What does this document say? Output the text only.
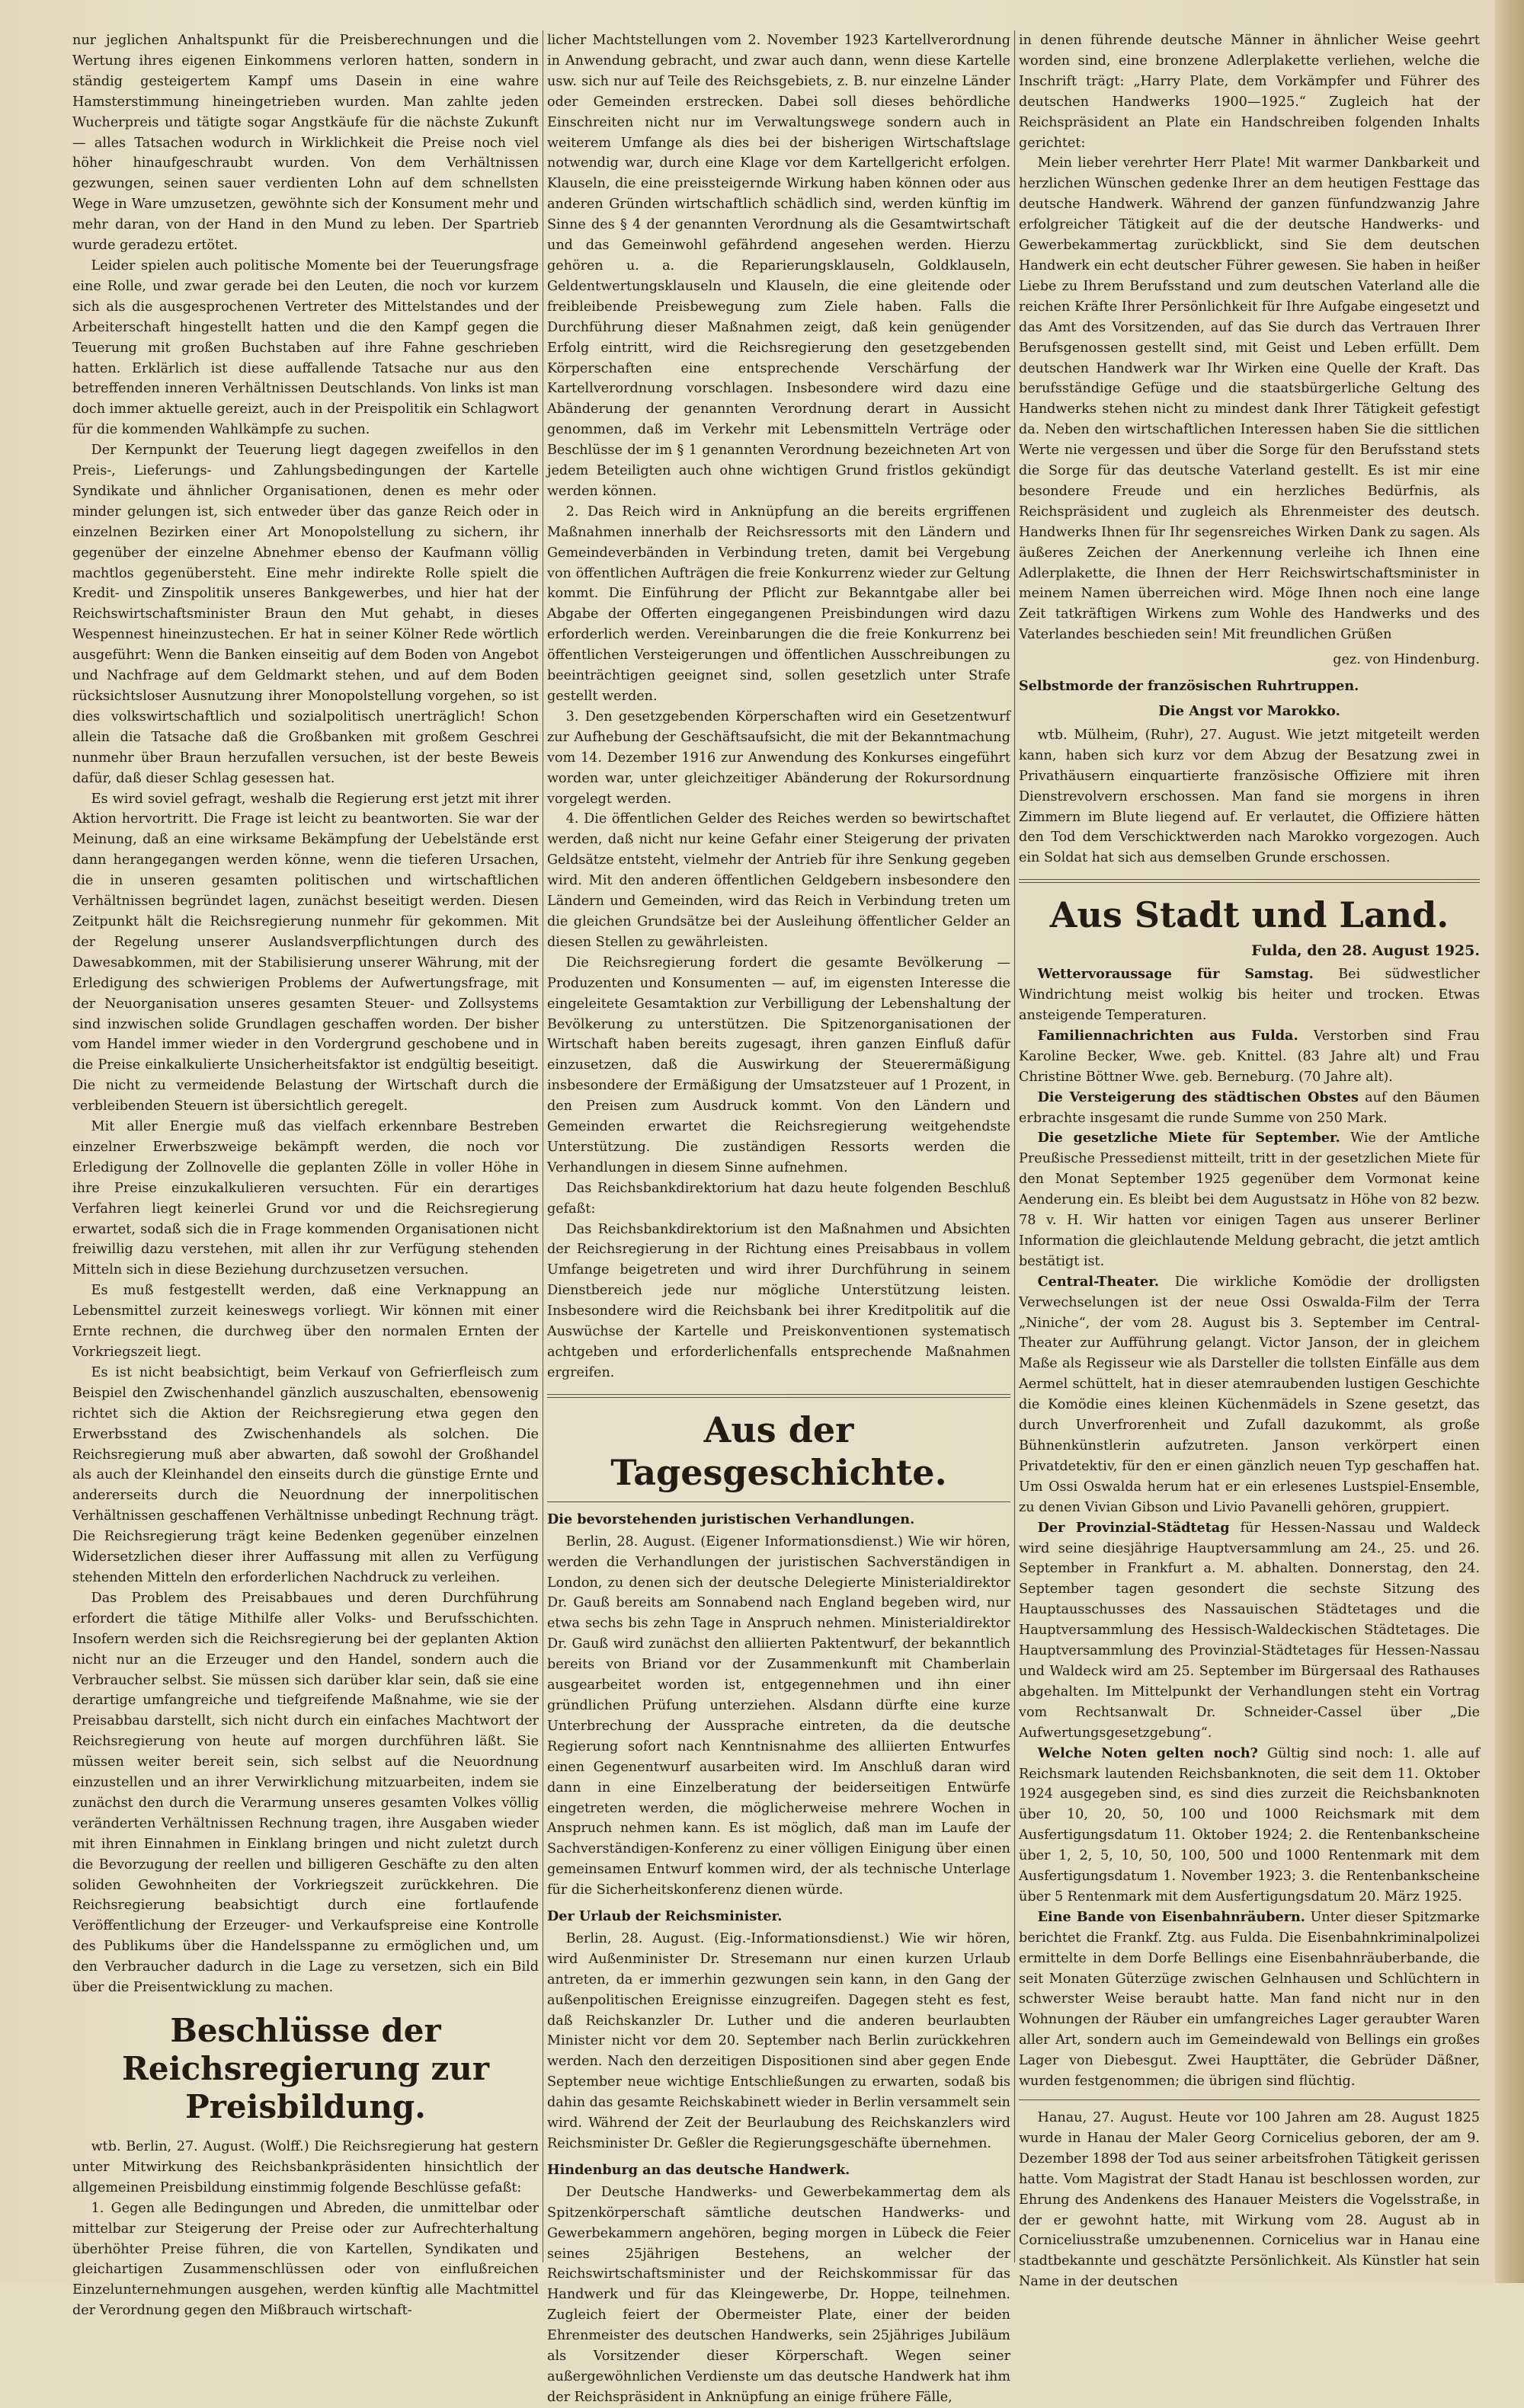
nur jeglichen Anhaltspunkt für die Preisberechnungen und die Wertung ihres eigenen Einkommens verloren hatten, sondern in ständig gesteigertem Kampf ums Dasein in eine wahre Hamsterstimmung hineingetrieben wurden. Man zahlte jeden Wucherpreis und tätigte sogar Angstkäufe für die nächste Zukunft — alles Tatsachen wodurch in Wirklichkeit die Preise noch viel höher hinaufgeschraubt wurden. Von dem Verhältnissen gezwungen, seinen sauer verdienten Lohn auf dem schnellsten Wege in Ware umzusetzen, gewöhnte sich der Konsument mehr und mehr daran, von der Hand in den Mund zu leben. Der Spartrieb wurde geradezu ertötet.

Leider spielen auch politische Momente bei der Teuerungsfrage eine Rolle, und zwar gerade bei den Leuten, die noch vor kurzem sich als die ausgesprochenen Vertreter des Mittelstandes und der Arbeiterschaft hingestellt hatten und die den Kampf gegen die Teuerung mit großen Buchstaben auf ihre Fahne geschrieben hatten. Erklärlich ist diese auffallende Tatsache nur aus den betreffenden inneren Verhältnissen Deutschlands. Von links ist man doch immer aktuelle gereizt, auch in der Preispolitik ein Schlagwort für die kommenden Wahlkämpfe zu suchen.

Der Kernpunkt der Teuerung liegt dagegen zweifellos in den Preis-, Lieferungs- und Zahlungsbedingungen der Kartelle Syndikate und ähnlicher Organisationen, denen es mehr oder minder gelungen ist, sich entweder über das ganze Reich oder in einzelnen Bezirken einer Art Monopolstellung zu sichern, ihr gegenüber der einzelne Abnehmer ebenso der Kaufmann völlig machtlos gegenübersteht. Eine mehr indirekte Rolle spielt die Kredit- und Zinspolitik unseres Bankgewerbes, und hier hat der Reichswirtschaftsminister Braun den Mut gehabt, in dieses Wespennest hineinzustechen. Er hat in seiner Kölner Rede wörtlich ausgeführt: Wenn die Banken einseitig auf dem Boden von Angebot und Nachfrage auf dem Geldmarkt stehen, und auf dem Boden rücksichtsloser Ausnutzung ihrer Monopolstellung vorgehen, so ist dies volkswirtschaftlich und sozialpolitisch unerträglich! Schon allein die Tatsache daß die Großbanken mit großem Geschrei nunmehr über Braun herzufallen versuchen, ist der beste Beweis dafür, daß dieser Schlag gesessen hat.

Es wird soviel gefragt, weshalb die Regierung erst jetzt mit ihrer Aktion hervortritt. Die Frage ist leicht zu beantworten. Sie war der Meinung, daß an eine wirksame Bekämpfung der Uebelstände erst dann herangegangen werden könne, wenn die tieferen Ursachen, die in unseren gesamten politischen und wirtschaftlichen Verhältnissen begründet lagen, zunächst beseitigt werden. Diesen Zeitpunkt hält die Reichsregierung nunmehr für gekommen. Mit der Regelung unserer Auslandsverpflichtungen durch des Dawesabkommen, mit der Stabilisierung unserer Währung, mit der Erledigung des schwierigen Problems der Aufwertungsfrage, mit der Neuorganisation unseres gesamten Steuer- und Zollsystems sind inzwischen solide Grundlagen geschaffen worden. Der bisher vom Handel immer wieder in den Vordergrund geschobene und in die Preise einkalkulierte Unsicherheitsfaktor ist endgültig beseitigt. Die nicht zu vermeidende Belastung der Wirtschaft durch die verbleibenden Steuern ist übersichtlich geregelt.

Mit aller Energie muß das vielfach erkennbare Bestreben einzelner Erwerbszweige bekämpft werden, die noch vor Erledigung der Zollnovelle die geplanten Zölle in voller Höhe in ihre Preise einzukalkulieren versuchten. Für ein derartiges Verfahren liegt keinerlei Grund vor und die Reichsregierung erwartet, sodaß sich die in Frage kommenden Organisationen nicht freiwillig dazu verstehen, mit allen ihr zur Verfügung stehenden Mitteln sich in diese Beziehung durchzusetzen versuchen.

Es muß festgestellt werden, daß eine Verknappung an Lebensmittel zurzeit keineswegs vorliegt. Wir können mit einer Ernte rechnen, die durchweg über den normalen Ernten der Vorkriegszeit liegt.

Es ist nicht beabsichtigt, beim Verkauf von Gefrierfleisch zum Beispiel den Zwischenhandel gänzlich auszuschalten, ebensowenig richtet sich die Aktion der Reichsregierung etwa gegen den Erwerbsstand des Zwischenhandels als solchen. Die Reichsregierung muß aber abwarten, daß sowohl der Großhandel als auch der Kleinhandel den einseits durch die günstige Ernte und andererseits durch die Neuordnung der innerpolitischen Verhältnissen geschaffenen Verhältnisse unbedingt Rechnung trägt. Die Reichsregierung trägt keine Bedenken gegenüber einzelnen Widersetzlichen dieser ihrer Auffassung mit allen zu Verfügung stehenden Mitteln den erforderlichen Nachdruck zu verleihen.

Das Problem des Preisabbaues und deren Durchführung erfordert die tätige Mithilfe aller Volks- und Berufsschichten. Insofern werden sich die Reichsregierung bei der geplanten Aktion nicht nur an die Erzeuger und den Handel, sondern auch die Verbraucher selbst. Sie müssen sich darüber klar sein, daß sie eine derartige umfangreiche und tiefgreifende Maßnahme, wie sie der Preisabbau darstellt, sich nicht durch ein einfaches Machtwort der Reichsregierung von heute auf morgen durchführen läßt. Sie müssen weiter bereit sein, sich selbst auf die Neuordnung einzustellen und an ihrer Verwirklichung mitzuarbeiten, indem sie zunächst den durch die Verarmung unseres gesamten Volkes völlig veränderten Verhältnissen Rechnung tragen, ihre Ausgaben wieder mit ihren Einnahmen in Einklang bringen und nicht zuletzt durch die Bevorzugung der reellen und billigeren Geschäfte zu den alten soliden Gewohnheiten der Vorkriegszeit zurückkehren. Die Reichsregierung beabsichtigt durch eine fortlaufende Veröffentlichung der Erzeuger- und Verkaufspreise eine Kontrolle des Publikums über die Handelsspanne zu ermöglichen und, um den Verbraucher dadurch in die Lage zu versetzen, sich ein Bild über die Preisentwicklung zu machen.

Beschlüsse der Reichsregierung zur Preisbildung.

wtb. Berlin, 27. August. (Wolff.) Die Reichsregierung hat gestern unter Mitwirkung des Reichsbankpräsidenten hinsichtlich der allgemeinen Preisbildung einstimmig folgende Beschlüsse gefaßt:

1. Gegen alle Bedingungen und Abreden, die unmittelbar oder mittelbar zur Steigerung der Preise oder zur Aufrechterhaltung überhöhter Preise führen, die von Kartellen, Syndikaten und gleichartigen Zusammenschlüssen oder von einflußreichen Einzelunternehmungen ausgehen, werden künftig alle Machtmittel der Verordnung gegen den Mißbrauch wirtschaft-

licher Machtstellungen vom 2. November 1923 Kartellverordnung in Anwendung gebracht, und zwar auch dann, wenn diese Kartelle usw. sich nur auf Teile des Reichsgebiets, z. B. nur einzelne Länder oder Gemeinden erstrecken. Dabei soll dieses behördliche Einschreiten nicht nur im Verwaltungswege sondern auch in weiterem Umfange als dies bei der bisherigen Wirtschaftslage notwendig war, durch eine Klage vor dem Kartellgericht erfolgen. Klauseln, die eine preissteigernde Wirkung haben können oder aus anderen Gründen wirtschaftlich schädlich sind, werden künftig im Sinne des § 4 der genannten Verordnung als die Gesamtwirtschaft und das Gemeinwohl gefährdend angesehen werden. Hierzu gehören u. a. die Reparierungsklauseln, Goldklauseln, Geldentwertungsklauseln und Klauseln, die eine gleitende oder freibleibende Preisbewegung zum Ziele haben. Falls die Durchführung dieser Maßnahmen zeigt, daß kein genügender Erfolg eintritt, wird die Reichsregierung den gesetzgebenden Körperschaften eine entsprechende Verschärfung der Kartellverordnung vorschlagen. Insbesondere wird dazu eine Abänderung der genannten Verordnung derart in Aussicht genommen, daß im Verkehr mit Lebensmitteln Verträge oder Beschlüsse der im § 1 genannten Verordnung bezeichneten Art von jedem Beteiligten auch ohne wichtigen Grund fristlos gekündigt werden können.

2. Das Reich wird in Anknüpfung an die bereits ergriffenen Maßnahmen innerhalb der Reichsressorts mit den Ländern und Gemeindeverbänden in Verbindung treten, damit bei Vergebung von öffentlichen Aufträgen die freie Konkurrenz wieder zur Geltung kommt. Die Einführung der Pflicht zur Bekanntgabe aller bei Abgabe der Offerten eingegangenen Preisbindungen wird dazu erforderlich werden. Vereinbarungen die die freie Konkurrenz bei öffentlichen Versteigerungen und öffentlichen Ausschreibungen zu beeinträchtigen geeignet sind, sollen gesetzlich unter Strafe gestellt werden.

3. Den gesetzgebenden Körperschaften wird ein Gesetzentwurf zur Aufhebung der Geschäftsaufsicht, die mit der Bekanntmachung vom 14. Dezember 1916 zur Anwendung des Konkurses eingeführt worden war, unter gleichzeitiger Abänderung der Rokursordnung vorgelegt werden.

4. Die öffentlichen Gelder des Reiches werden so bewirtschaftet werden, daß nicht nur keine Gefahr einer Steigerung der privaten Geldsätze entsteht, vielmehr der Antrieb für ihre Senkung gegeben wird. Mit den anderen öffentlichen Geldgebern insbesondere den Ländern und Gemeinden, wird das Reich in Verbindung treten um die gleichen Grundsätze bei der Ausleihung öffentlicher Gelder an diesen Stellen zu gewährleisten.

Die Reichsregierung fordert die gesamte Bevölkerung — Produzenten und Konsumenten — auf, im eigensten Interesse die eingeleitete Gesamtaktion zur Verbilligung der Lebenshaltung der Bevölkerung zu unterstützen. Die Spitzenorganisationen der Wirtschaft haben bereits zugesagt, ihren ganzen Einfluß dafür einzusetzen, daß die Auswirkung der Steuerermäßigung insbesondere der Ermäßigung der Umsatzsteuer auf 1 Prozent, in den Preisen zum Ausdruck kommt. Von den Ländern und Gemeinden erwartet die Reichsregierung weitgehendste Unterstützung. Die zuständigen Ressorts werden die Verhandlungen in diesem Sinne aufnehmen.

Das Reichsbankdirektorium hat dazu heute folgenden Beschluß gefaßt:

Das Reichsbankdirektorium ist den Maßnahmen und Absichten der Reichsregierung in der Richtung eines Preisabbaus in vollem Umfange beigetreten und wird ihrer Durchführung in seinem Dienstbereich jede nur mögliche Unterstützung leisten. Insbesondere wird die Reichsbank bei ihrer Kreditpolitik auf die Auswüchse der Kartelle und Preiskonventionen systematisch achtgeben und erforderlichenfalls entsprechende Maßnahmen ergreifen.

Aus der Tagesgeschichte.
Die bevorstehenden juristischen Verhandlungen.

Berlin, 28. August. (Eigener Informationsdienst.) Wie wir hören, werden die Verhandlungen der juristischen Sachverständigen in London, zu denen sich der deutsche Delegierte Ministerialdirektor Dr. Gauß bereits am Sonnabend nach England begeben wird, nur etwa sechs bis zehn Tage in Anspruch nehmen. Ministerialdirektor Dr. Gauß wird zunächst den alliierten Paktentwurf, der bekanntlich bereits von Briand vor der Zusammenkunft mit Chamberlain ausgearbeitet worden ist, entgegennehmen und ihn einer gründlichen Prüfung unterziehen. Alsdann dürfte eine kurze Unterbrechung der Aussprache eintreten, da die deutsche Regierung sofort nach Kenntnisnahme des alliierten Entwurfes einen Gegenentwurf ausarbeiten wird. Im Anschluß daran wird dann in eine Einzelberatung der beiderseitigen Entwürfe eingetreten werden, die möglicherweise mehrere Wochen in Anspruch nehmen kann. Es ist möglich, daß man im Laufe der Sachverständigen-Konferenz zu einer völligen Einigung über einen gemeinsamen Entwurf kommen wird, der als technische Unterlage für die Sicherheitskonferenz dienen würde.

Der Urlaub der Reichsminister.

Berlin, 28. August. (Eig.-Informationsdienst.) Wie wir hören, wird Außenminister Dr. Stresemann nur einen kurzen Urlaub antreten, da er immerhin gezwungen sein kann, in den Gang der außenpolitischen Ereignisse einzugreifen. Dagegen steht es fest, daß Reichskanzler Dr. Luther und die anderen beurlaubten Minister nicht vor dem 20. September nach Berlin zurückkehren werden. Nach den derzeitigen Dispositionen sind aber gegen Ende September neue wichtige Entschließungen zu erwarten, sodaß bis dahin das gesamte Reichskabinett wieder in Berlin versammelt sein wird. Während der Zeit der Beurlaubung des Reichskanzlers wird Reichsminister Dr. Geßler die Regierungsgeschäfte übernehmen.

Hindenburg an das deutsche Handwerk.

Der Deutsche Handwerks- und Gewerbekammertag dem als Spitzenkörperschaft sämtliche deutschen Handwerks- und Gewerbekammern angehören, beging morgen in Lübeck die Feier seines 25jährigen Bestehens, an welcher der Reichswirtschaftsminister und der Reichskommissar für das Handwerk und für das Kleingewerbe, Dr. Hoppe, teilnehmen. Zugleich feiert der Obermeister Plate, einer der beiden Ehrenmeister des deutschen Handwerks, sein 25jähriges Jubiläum als Vorsitzender dieser Körperschaft. Wegen seiner außergewöhnlichen Verdienste um das deutsche Handwerk hat ihm der Reichspräsident in Anknüpfung an einige frühere Fälle,

in denen führende deutsche Männer in ähnlicher Weise geehrt worden sind, eine bronzene Adlerplakette verliehen, welche die Inschrift trägt: „Harry Plate, dem Vorkämpfer und Führer des deutschen Handwerks 1900—1925.“ Zugleich hat der Reichspräsident an Plate ein Handschreiben folgenden Inhalts gerichtet:

Mein lieber verehrter Herr Plate! Mit warmer Dankbarkeit und herzlichen Wünschen gedenke Ihrer an dem heutigen Festtage das deutsche Handwerk. Während der ganzen fünfundzwanzig Jahre erfolgreicher Tätigkeit auf die der deutsche Handwerks- und Gewerbekammertag zurückblickt, sind Sie dem deutschen Handwerk ein echt deutscher Führer gewesen. Sie haben in heißer Liebe zu Ihrem Berufsstand und zum deutschen Vaterland alle die reichen Kräfte Ihrer Persönlichkeit für Ihre Aufgabe eingesetzt und das Amt des Vorsitzenden, auf das Sie durch das Vertrauen Ihrer Berufsgenossen gestellt sind, mit Geist und Leben erfüllt. Dem deutschen Handwerk war Ihr Wirken eine Quelle der Kraft. Das berufsständige Gefüge und die staatsbürgerliche Geltung des Handwerks stehen nicht zu mindest dank Ihrer Tätigkeit gefestigt da. Neben den wirtschaftlichen Interessen haben Sie die sittlichen Werte nie vergessen und über die Sorge für den Berufsstand stets die Sorge für das deutsche Vaterland gestellt. Es ist mir eine besondere Freude und ein herzliches Bedürfnis, als Reichspräsident und zugleich als Ehrenmeister des deutsch. Handwerks Ihnen für Ihr segensreiches Wirken Dank zu sagen. Als äußeres Zeichen der Anerkennung verleihe ich Ihnen eine Adlerplakette, die Ihnen der Herr Reichswirtschaftsminister in meinem Namen überreichen wird. Möge Ihnen noch eine lange Zeit tatkräftigen Wirkens zum Wohle des Handwerks und des Vaterlandes beschieden sein! Mit freundlichen Grüßen

gez. von Hindenburg.
Selbstmorde der französischen Ruhrtruppen.
Die Angst vor Marokko.

wtb. Mülheim, (Ruhr), 27. August. Wie jetzt mitgeteilt werden kann, haben sich kurz vor dem Abzug der Besatzung zwei in Privathäusern einquartierte französische Offiziere mit ihren Dienstrevolvern erschossen. Man fand sie morgens in ihren Zimmern im Blute liegend auf. Er verlautet, die Offiziere hätten den Tod dem Verschicktwerden nach Marokko vorgezogen. Auch ein Soldat hat sich aus demselben Grunde erschossen.

Aus Stadt und Land.
Fulda, den 28. August 1925.

Wettervoraussage für Samstag. Bei südwestlicher Windrichtung meist wolkig bis heiter und trocken. Etwas ansteigende Temperaturen.

Familiennachrichten aus Fulda. Verstorben sind Frau Karoline Becker, Wwe. geb. Knittel. (83 Jahre alt) und Frau Christine Böttner Wwe. geb. Berneburg. (70 Jahre alt).

Die Versteigerung des städtischen Obstes auf den Bäumen erbrachte insgesamt die runde Summe von 250 Mark.

Die gesetzliche Miete für September. Wie der Amtliche Preußische Pressedienst mitteilt, tritt in der gesetzlichen Miete für den Monat September 1925 gegenüber dem Vormonat keine Aenderung ein. Es bleibt bei dem Augustsatz in Höhe von 82 bezw. 78 v. H. Wir hatten vor einigen Tagen aus unserer Berliner Information die gleichlautende Meldung gebracht, die jetzt amtlich bestätigt ist.

Central-Theater. Die wirkliche Komödie der drolligsten Verwechselungen ist der neue Ossi Oswalda-Film der Terra „Niniche“, der vom 28. August bis 3. September im Central-Theater zur Aufführung gelangt. Victor Janson, der in gleichem Maße als Regisseur wie als Darsteller die tollsten Einfälle aus dem Aermel schüttelt, hat in dieser atemraubenden lustigen Geschichte die Komödie eines kleinen Küchenmädels in Szene gesetzt, das durch Unverfrorenheit und Zufall dazukommt, als große Bühnenkünstlerin aufzutreten. Janson verkörpert einen Privatdetektiv, für den er einen gänzlich neuen Typ geschaffen hat. Um Ossi Oswalda herum hat er ein erlesenes Lustspiel-Ensemble, zu denen Vivian Gibson und Livio Pavanelli gehören, gruppiert.

Der Provinzial-Städtetag für Hessen-Nassau und Waldeck wird seine diesjährige Hauptversammlung am 24., 25. und 26. September in Frankfurt a. M. abhalten. Donnerstag, den 24. September tagen gesondert die sechste Sitzung des Hauptausschusses des Nassauischen Städtetages und die Hauptversammlung des Hessisch-Waldeckischen Städtetages. Die Hauptversammlung des Provinzial-Städtetages für Hessen-Nassau und Waldeck wird am 25. September im Bürgersaal des Rathauses abgehalten. Im Mittelpunkt der Verhandlungen steht ein Vortrag vom Rechtsanwalt Dr. Schneider-Cassel über „Die Aufwertungsgesetzgebung“.

Welche Noten gelten noch? Gültig sind noch: 1. alle auf Reichsmark lautenden Reichsbanknoten, die seit dem 11. Oktober 1924 ausgegeben sind, es sind dies zurzeit die Reichsbanknoten über 10, 20, 50, 100 und 1000 Reichsmark mit dem Ausfertigungsdatum 11. Oktober 1924; 2. die Rentenbankscheine über 1, 2, 5, 10, 50, 100, 500 und 1000 Rentenmark mit dem Ausfertigungsdatum 1. November 1923; 3. die Rentenbankscheine über 5 Rentenmark mit dem Ausfertigungsdatum 20. März 1925.

Eine Bande von Eisenbahnräubern. Unter dieser Spitzmarke berichtet die Frankf. Ztg. aus Fulda. Die Eisenbahnkriminalpolizei ermittelte in dem Dorfe Bellings eine Eisenbahnräuberbande, die seit Monaten Güterzüge zwischen Gelnhausen und Schlüchtern in schwerster Weise beraubt hatte. Man fand nicht nur in den Wohnungen der Räuber ein umfangreiches Lager geraubter Waren aller Art, sondern auch im Gemeindewald von Bellings ein großes Lager von Diebesgut. Zwei Haupttäter, die Gebrüder Däßner, wurden festgenommen; die übrigen sind flüchtig.

Hanau, 27. August. Heute vor 100 Jahren am 28. August 1825 wurde in Hanau der Maler Georg Cornicelius geboren, der am 9. Dezember 1898 der Tod aus seiner arbeitsfrohen Tätigkeit gerissen hatte. Vom Magistrat der Stadt Hanau ist beschlossen worden, zur Ehrung des Andenkens des Hanauer Meisters die Vogelsstraße, in der er gewohnt hatte, mit Wirkung vom 28. August ab in Corniceliusstraße umzubenennen. Cornicelius war in Hanau eine stadtbekannte und geschätzte Persönlichkeit. Als Künstler hat sein Name in der deutschen
